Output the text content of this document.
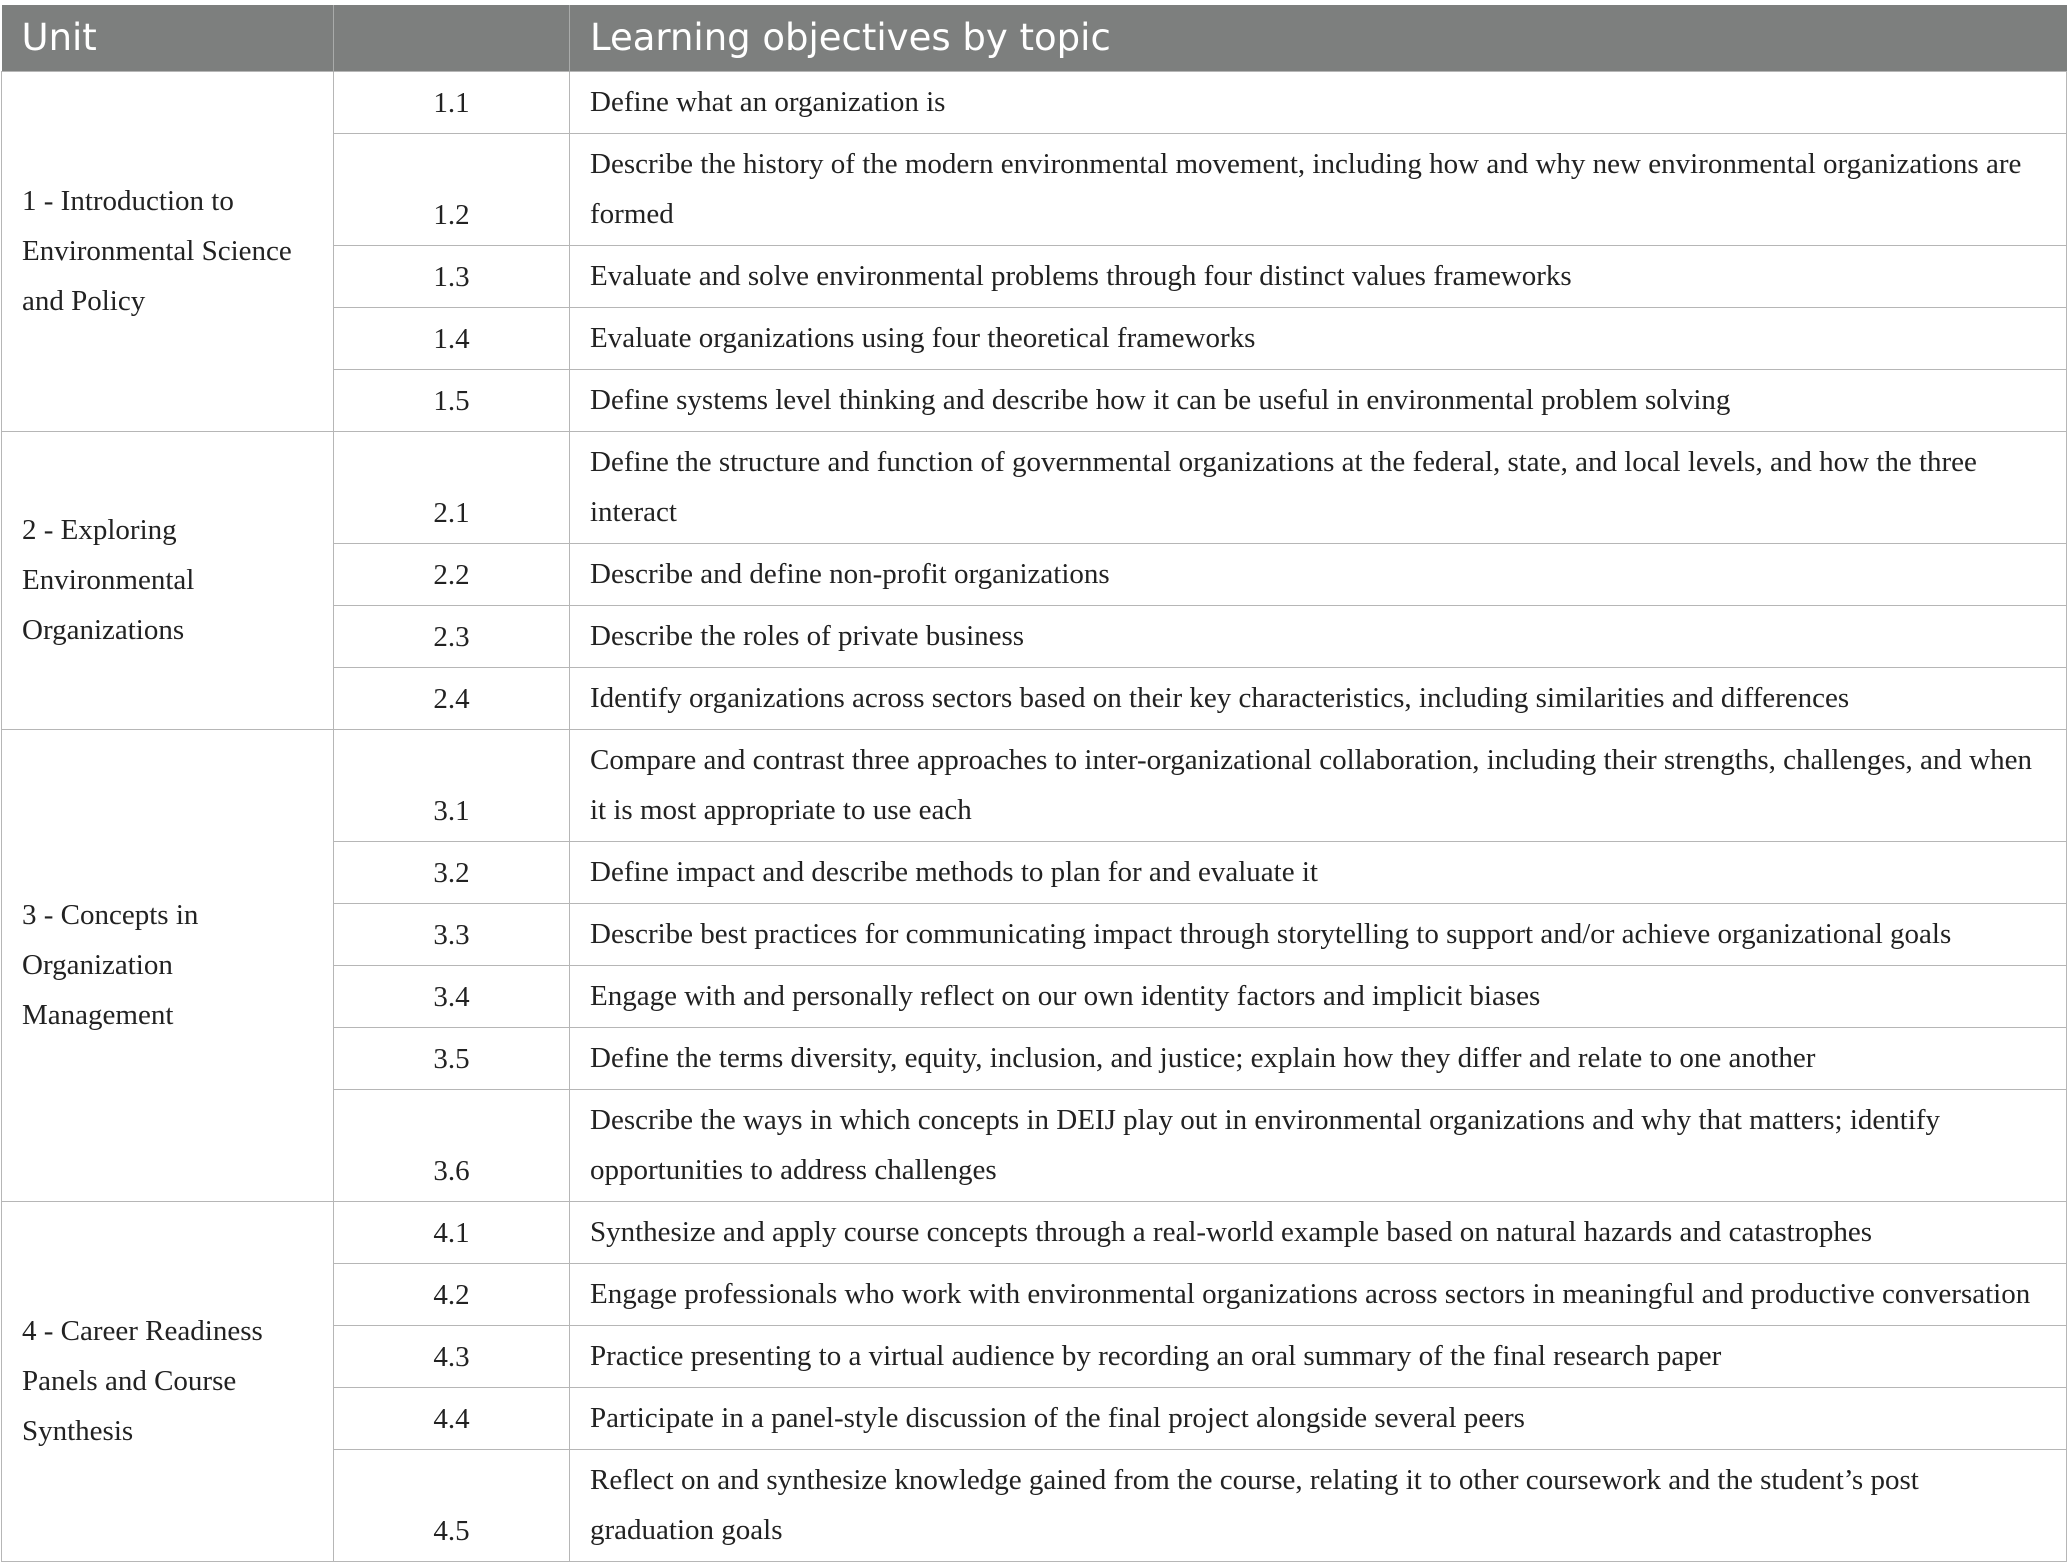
Unit		Learning objectives by topic
1 - Introduction to Environmental Science and Policy	1.1	Define what an organization is
	1.2	Describe the history of the modern environmental movement, including how and why new environmental organizations are formed
	1.3	Evaluate and solve environmental problems through four distinct values frameworks
	1.4	Evaluate organizations using four theoretical frameworks
	1.5	Define systems level thinking and describe how it can be useful in environmental problem solving
2 - Exploring Environmental Organizations	2.1	Define the structure and function of governmental organizations at the federal, state, and local levels, and how the three interact
	2.2	Describe and define non-profit organizations
	2.3	Describe the roles of private business
	2.4	Identify organizations across sectors based on their key characteristics, including similarities and differences
3 - Concepts in Organization Management	3.1	Compare and contrast three approaches to inter-organizational collaboration, including their strengths, challenges, and when it is most appropriate to use each
	3.2	Define impact and describe methods to plan for and evaluate it
	3.3	Describe best practices for communicating impact through storytelling to support and/or achieve organizational goals
	3.4	Engage with and personally reflect on our own identity factors and implicit biases
	3.5	Define the terms diversity, equity, inclusion, and justice; explain how they differ and relate to one another
	3.6	Describe the ways in which concepts in DEIJ play out in environmental organizations and why that matters; identify opportunities to address challenges
4 - Career Readiness Panels and Course Synthesis	4.1	Synthesize and apply course concepts through a real-world example based on natural hazards and catastrophes
	4.2	Engage professionals who work with environmental organizations across sectors in meaningful and productive conversation
	4.3	Practice presenting to a virtual audience by recording an oral summary of the final research paper
	4.4	Participate in a panel-style discussion of the final project alongside several peers
	4.5	Reflect on and synthesize knowledge gained from the course, relating it to other coursework and the student’s post graduation goals
